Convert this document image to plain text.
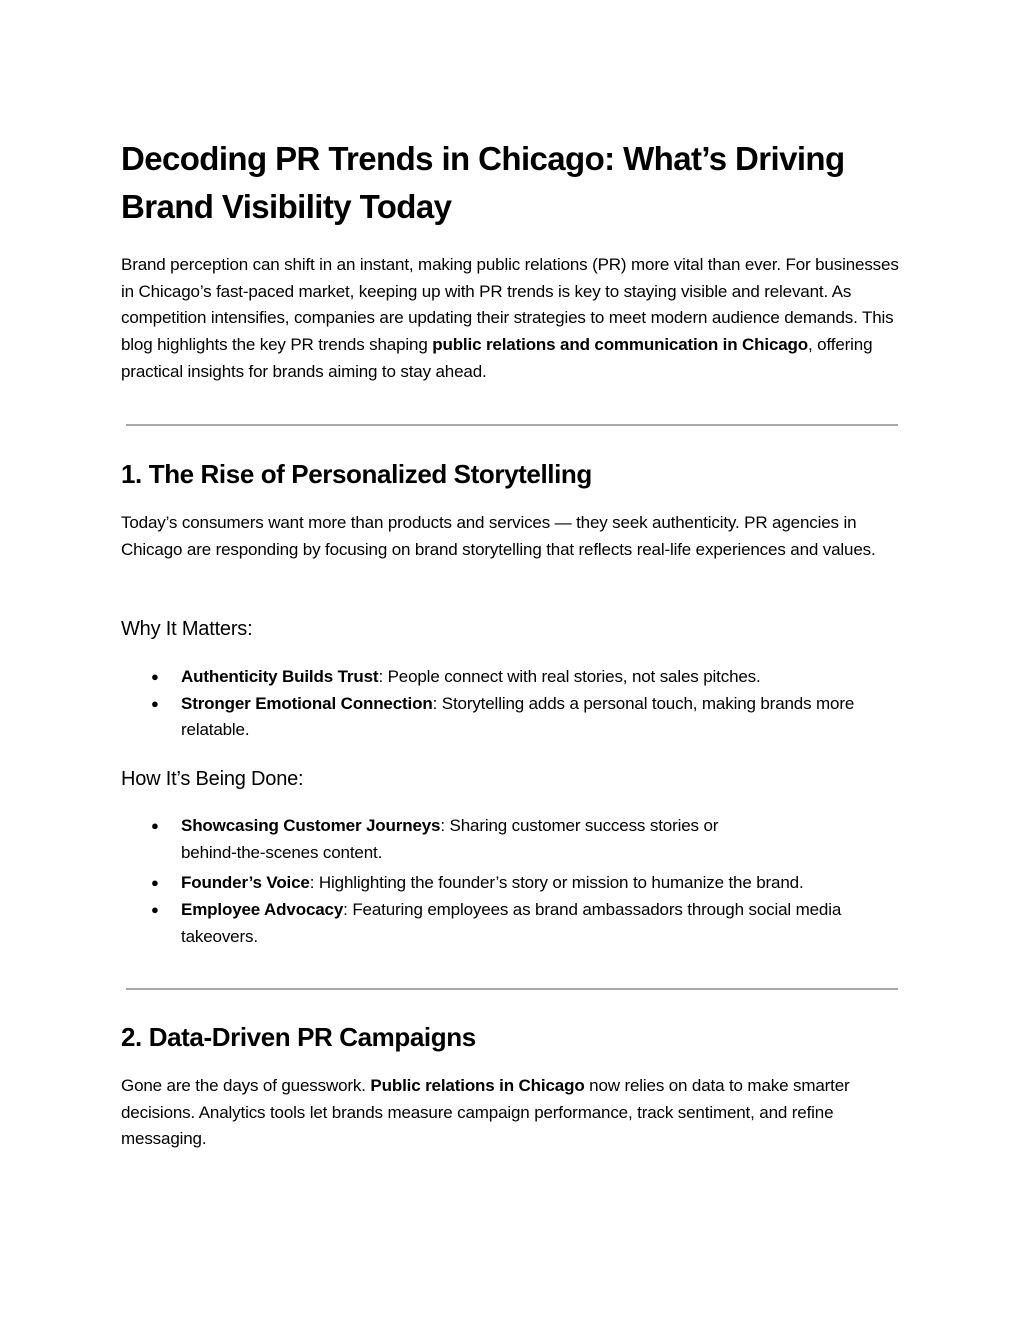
Decoding PR Trends in Chicago: What’s Driving Brand Visibility Today

Brand perception can shift in an instant, making public relations (PR) more vital than ever. For businesses in Chicago’s fast-paced market, keeping up with PR trends is key to staying visible and relevant. As competition intensifies, companies are updating their strategies to meet modern audience demands. This blog highlights the key PR trends shaping public relations and communication in Chicago, offering practical insights for brands aiming to stay ahead.

1. The Rise of Personalized Storytelling

Today’s consumers want more than products and services — they seek authenticity. PR agencies in Chicago are responding by focusing on brand storytelling that reflects real-life experiences and values.

Why It Matters:
● Authenticity Builds Trust: People connect with real stories, not sales pitches.
● Stronger Emotional Connection: Storytelling adds a personal touch, making brands more relatable.
How It’s Being Done:
● Showcasing Customer Journeys: Sharing customer success stories or
behind-the-scenes content.
● Founder’s Voice: Highlighting the founder’s story or mission to humanize the brand.
● Employee Advocacy: Featuring employees as brand ambassadors through social media takeovers.
2. Data-Driven PR Campaigns

Gone are the days of guesswork. Public relations in Chicago now relies on data to make smarter decisions. Analytics tools let brands measure campaign performance, track sentiment, and refine messaging.
